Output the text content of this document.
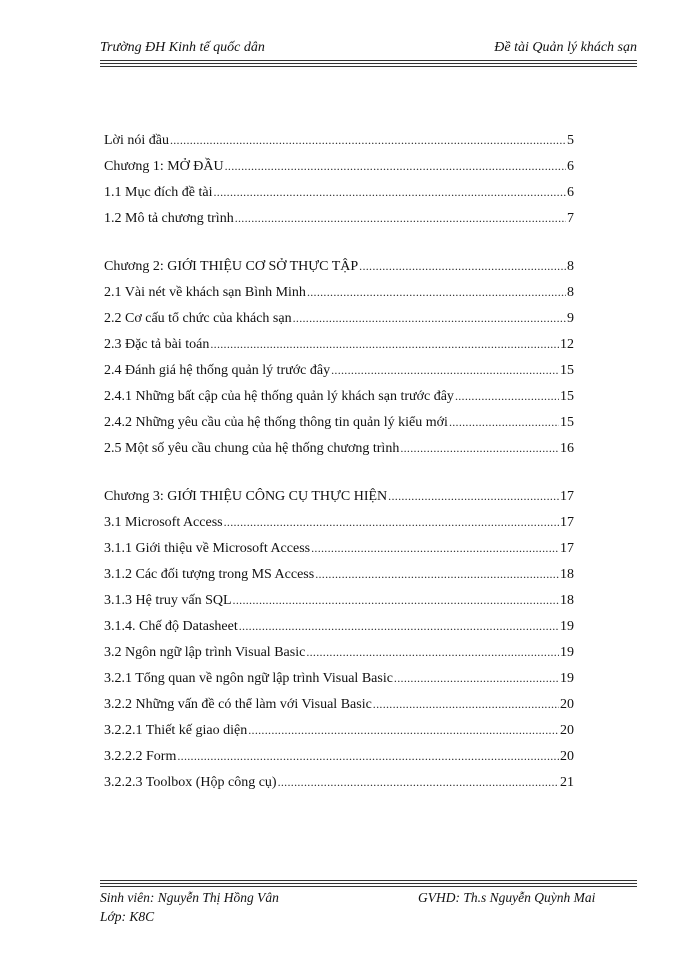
Trường ĐH Kinh tế quốc dân	Đề tài Quản lý khách sạn
Lời nói đầu .....	5
Chương 1: MỞ ĐẦU .....	6
1.1 Mục đích đề tài .....	6
1.2 Mô tả chương trình .....	7
Chương 2: GIỚI THIỆU CƠ SỞ THỰC TẬP .....	8
2.1 Vài nét về khách sạn Bình Minh .....	8
2.2 Cơ cấu tổ chức của khách sạn .....	9
2.3 Đặc tả bài toán .....	12
2.4 Đánh giá hệ thống quản lý trước đây .....	15
2.4.1 Những bất cập của hệ thống quản lý khách sạn trước đây .....	15
2.4.2 Những yêu cầu của hệ thống thông tin quản lý kiểu mới .....	15
2.5 Một số yêu cầu chung của hệ thống chương trình .....	16
Chương 3: GIỚI THIỆU CÔNG CỤ THỰC HIỆN .....	17
3.1 Microsoft Access .....	17
3.1.1 Giới thiệu về Microsoft Access .....	17
3.1.2 Các đối tượng trong MS Access .....	18
3.1.3 Hệ truy vấn SQL .....	18
3.1.4. Chế độ Datasheet .....	19
3.2 Ngôn ngữ lập trình Visual Basic .....	19
3.2.1 Tổng quan về ngôn ngữ lập trình Visual Basic .....	19
3.2.2 Những vấn đề có thể làm với Visual Basic .....	20
3.2.2.1 Thiết kế giao diện .....	20
3.2.2.2 Form .....	20
3.2.2.3 Toolbox (Hộp công cụ) .....	21
Sinh viên: Nguyễn Thị Hồng Vân
Lớp: K8C
GVHD: Th.s Nguyễn Quỳnh Mai
